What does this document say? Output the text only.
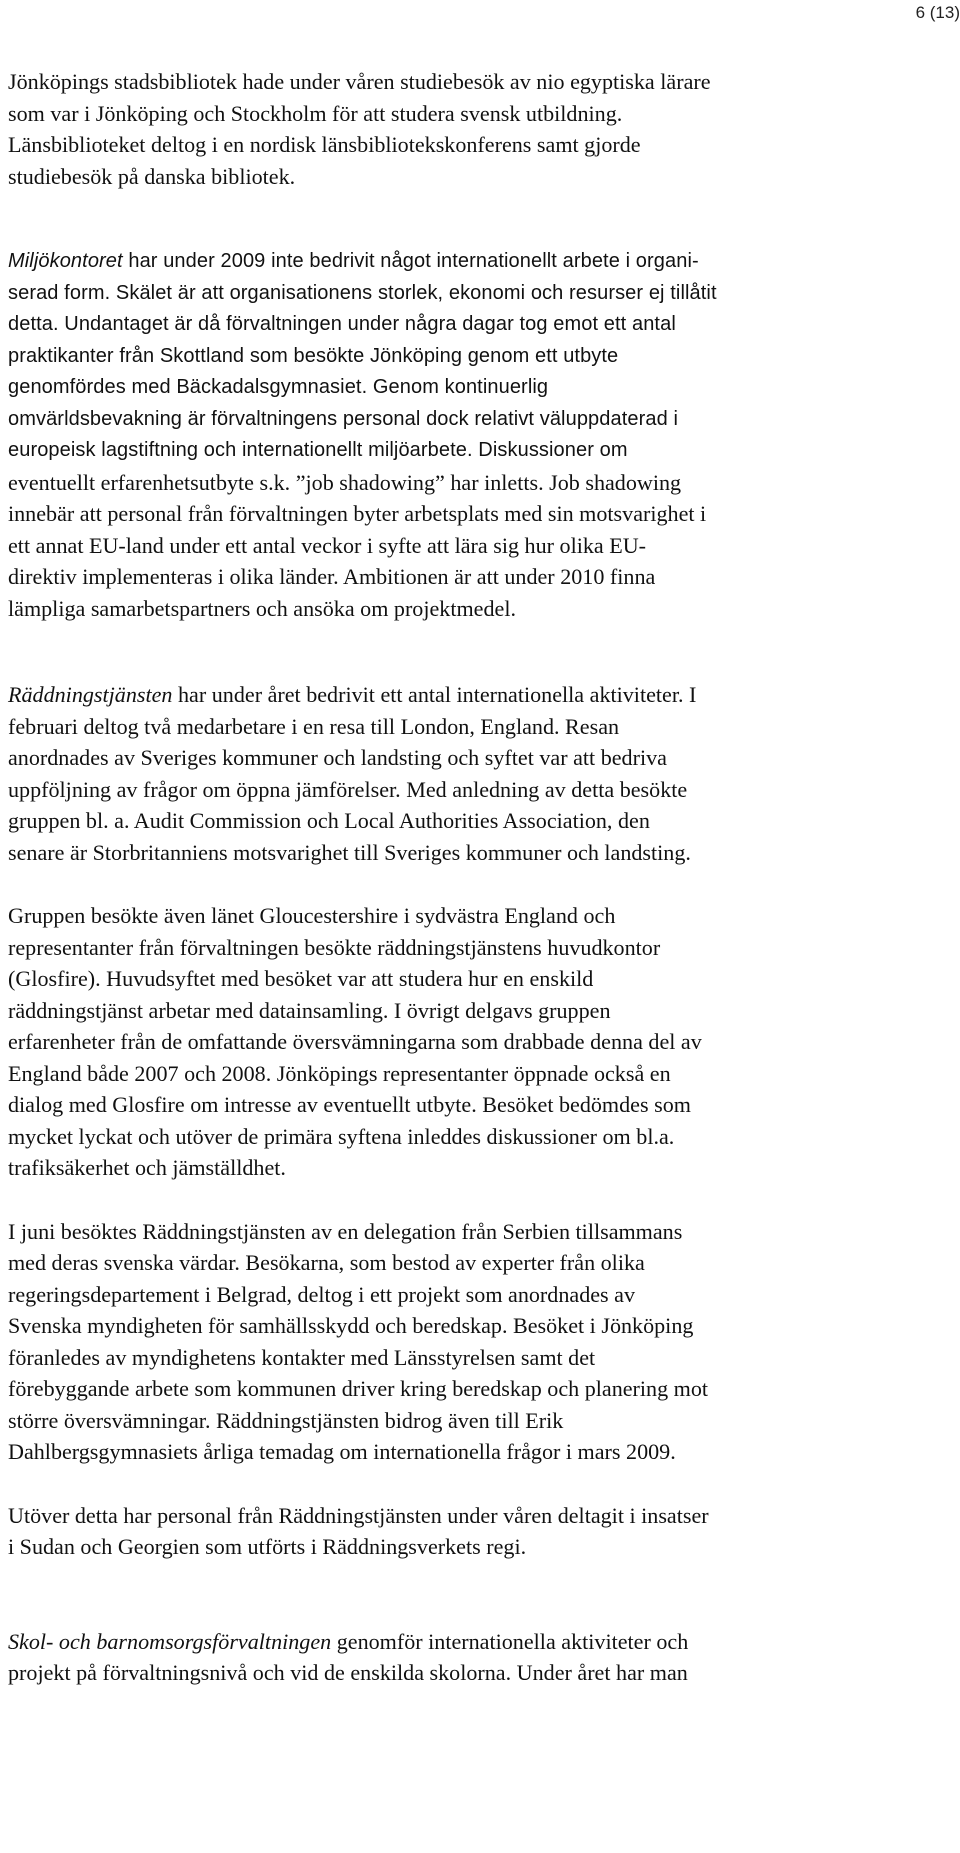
6 (13)

Jönköpings stadsbibliotek hade under våren studiebesök av nio egyptiska lärare
som var i Jönköping och Stockholm för att studera svensk utbildning.
Länsbiblioteket deltog i en nordisk länsbibliotekskonferens samt gjorde
studiebesök på danska bibliotek.

Miljökontoret har under 2009 inte bedrivit något internationellt arbete i organi-
serad form. Skälet är att organisationens storlek, ekonomi och resurser ej tillåtit
detta. Undantaget är då förvaltningen under några dagar tog emot ett antal
praktikanter från Skottland som besökte Jönköping genom ett utbyte
genomfördes med Bäckadalsgymnasiet. Genom kontinuerlig
omvärldsbevakning är förvaltningens personal dock relativt väluppdaterad i
europeisk lagstiftning och internationellt miljöarbete. Diskussioner om

eventuellt erfarenhetsutbyte s.k. ”job shadowing” har inletts. Job shadowing
innebär att personal från förvaltningen byter arbetsplats med sin motsvarighet i
ett annat EU-land under ett antal veckor i syfte att lära sig hur olika EU-
direktiv implementeras i olika länder. Ambitionen är att under 2010 finna
lämpliga samarbetspartners och ansöka om projektmedel.

Räddningstjänsten har under året bedrivit ett antal internationella aktiviteter. I
februari deltog två medarbetare i en resa till London, England. Resan
anordnades av Sveriges kommuner och landsting och syftet var att bedriva
uppföljning av frågor om öppna jämförelser. Med anledning av detta besökte
gruppen bl. a. Audit Commission och Local Authorities Association, den
senare är Storbritanniens motsvarighet till Sveriges kommuner och landsting.

Gruppen besökte även länet Gloucestershire i sydvästra England och
representanter från förvaltningen besökte räddningstjänstens huvudkontor
(Glosfire). Huvudsyftet med besöket var att studera hur en enskild
räddningstjänst arbetar med datainsamling. I övrigt delgavs gruppen
erfarenheter från de omfattande översvämningarna som drabbade denna del av
England både 2007 och 2008. Jönköpings representanter öppnade också en
dialog med Glosfire om intresse av eventuellt utbyte. Besöket bedömdes som
mycket lyckat och utöver de primära syftena inleddes diskussioner om bl.a.
trafiksäkerhet och jämställdhet.

I juni besöktes Räddningstjänsten av en delegation från Serbien tillsammans
med deras svenska värdar. Besökarna, som bestod av experter från olika
regeringsdepartement i Belgrad, deltog i ett projekt som anordnades av
Svenska myndigheten för samhällsskydd och beredskap. Besöket i Jönköping
föranledes av myndighetens kontakter med Länsstyrelsen samt det
förebyggande arbete som kommunen driver kring beredskap och planering mot
större översvämningar. Räddningstjänsten bidrog även till Erik
Dahlbergsgymnasiets årliga temadag om internationella frågor i mars 2009.

Utöver detta har personal från Räddningstjänsten under våren deltagit i insatser
i Sudan och Georgien som utförts i Räddningsverkets regi.

Skol- och barnomsorgsförvaltningen genomför internationella aktiviteter och
projekt på förvaltningsnivå och vid de enskilda skolorna. Under året har man
